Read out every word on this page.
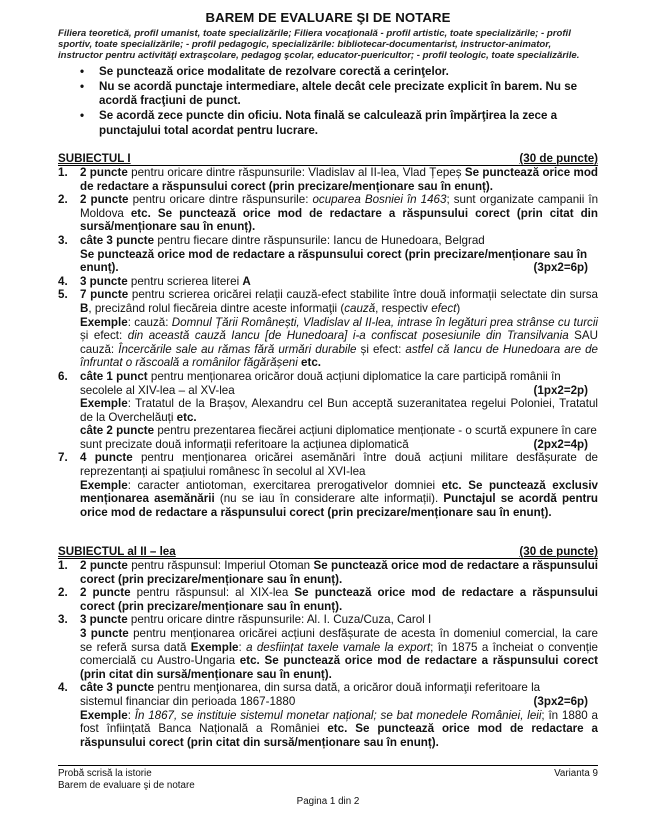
BAREM DE EVALUARE ŞI DE NOTARE
Filiera teoretică, profil umanist, toate specializările; Filiera vocaţională - profil artistic, toate specializările; - profil sportiv, toate specializările; - profil pedagogic, specializările: bibliotecar-documentarist, instructor-animator, instructor pentru activităţi extraşcolare, pedagog şcolar, educator-puericultor; - profil teologic, toate specializările.
• Se punctează orice modalitate de rezolvare corectă a cerinţelor.
• Nu se acordă punctaje intermediare, altele decât cele precizate explicit în barem. Nu se acordă fracţiuni de punct.
• Se acordă zece puncte din oficiu. Nota finală se calculează prin împărţirea la zece a punctajului total acordat pentru lucrare.
SUBIECTUL I	(30 de puncte)
1. 2 puncte pentru oricare dintre răspunsurile: Vladislav al II-lea, Vlad Țepeș Se punctează orice mod de redactare a răspunsului corect (prin precizare/menționare sau în enunț).
2. 2 puncte pentru oricare dintre răspunsurile: ocuparea Bosniei în 1463; sunt organizate campanii în Moldova etc. Se punctează orice mod de redactare a răspunsului corect (prin citat din sursă/menționare sau în enunț).
3. câte 3 puncte pentru fiecare dintre răspunsurile: Iancu de Hunedoara, Belgrad
Se punctează orice mod de redactare a răspunsului corect (prin precizare/menționare sau în
enunț).	(3px2=6p)
4. 3 puncte pentru scrierea literei A
5. 7 puncte pentru scrierea oricărei relații cauză-efect stabilite între două informații selectate din sursa B, precizând rolul fiecăreia dintre aceste informaţii (cauză, respectiv efect)
Exemple: cauză: Domnul Țării Românești, Vladislav al II-lea, intrase în legături prea strânse cu turcii și efect: din această cauză Iancu [de Hunedoara] i-a confiscat posesiunile din Transilvania SAU cauză: Încercările sale au rămas fără urmări durabile și efect: astfel că Iancu de Hunedoara are de înfruntat o răscoală a românilor făgărășeni etc.
6. câte 1 punct pentru menționarea oricăror două acțiuni diplomatice la care participă românii în
secolele al XIV-lea – al XV-lea	(1px2=2p)
Exemple: Tratatul de la Brașov, Alexandru cel Bun acceptă suzeranitatea regelui Poloniei, Tratatul de la Overchelăuți etc.
câte 2 puncte pentru prezentarea fiecărei acțiuni diplomatice menționate - o scurtă expunere în care
sunt precizate două informații referitoare la acțiunea diplomatică	(2px2=4p)
7. 4 puncte pentru menționarea oricărei asemănări între două acțiuni militare desfășurate de reprezentanți ai spațiului românesc în secolul al XVI-lea
Exemple: caracter antiotoman, exercitarea prerogativelor domniei etc. Se punctează exclusiv menționarea asemănării (nu se iau în considerare alte informații). Punctajul se acordă pentru orice mod de redactare a răspunsului corect (prin precizare/menționare sau în enunț).
SUBIECTUL al II – lea	(30 de puncte)
1. 2 puncte pentru răspunsul: Imperiul Otoman Se punctează orice mod de redactare a răspunsului corect (prin precizare/menționare sau în enunț).
2. 2 puncte pentru răspunsul: al XIX-lea Se punctează orice mod de redactare a răspunsului corect (prin precizare/menționare sau în enunț).
3. 3 puncte pentru oricare dintre răspunsurile: Al. I. Cuza/Cuza, Carol I
3 puncte pentru menționarea oricărei acțiuni desfășurate de acesta în domeniul comercial, la care se referă sursa dată Exemple: a desființat taxele vamale la export; în 1875 a încheiat o convenție comercială cu Austro-Ungaria etc. Se punctează orice mod de redactare a răspunsului corect (prin citat din sursă/menționare sau în enunț).
4. câte 3 puncte pentru menţionarea, din sursa dată, a oricăror două informaţii referitoare la
sistemul financiar din perioada 1867-1880	(3px2=6p)
Exemple: În 1867, se instituie sistemul monetar național; se bat monedele României, leii; în 1880 a fost înființată Banca Națională a României etc. Se punctează orice mod de redactare a răspunsului corect (prin citat din sursă/menționare sau în enunț).
Probă scrisă la istorie	Varianta 9
Barem de evaluare şi de notare
Pagina 1 din 2
